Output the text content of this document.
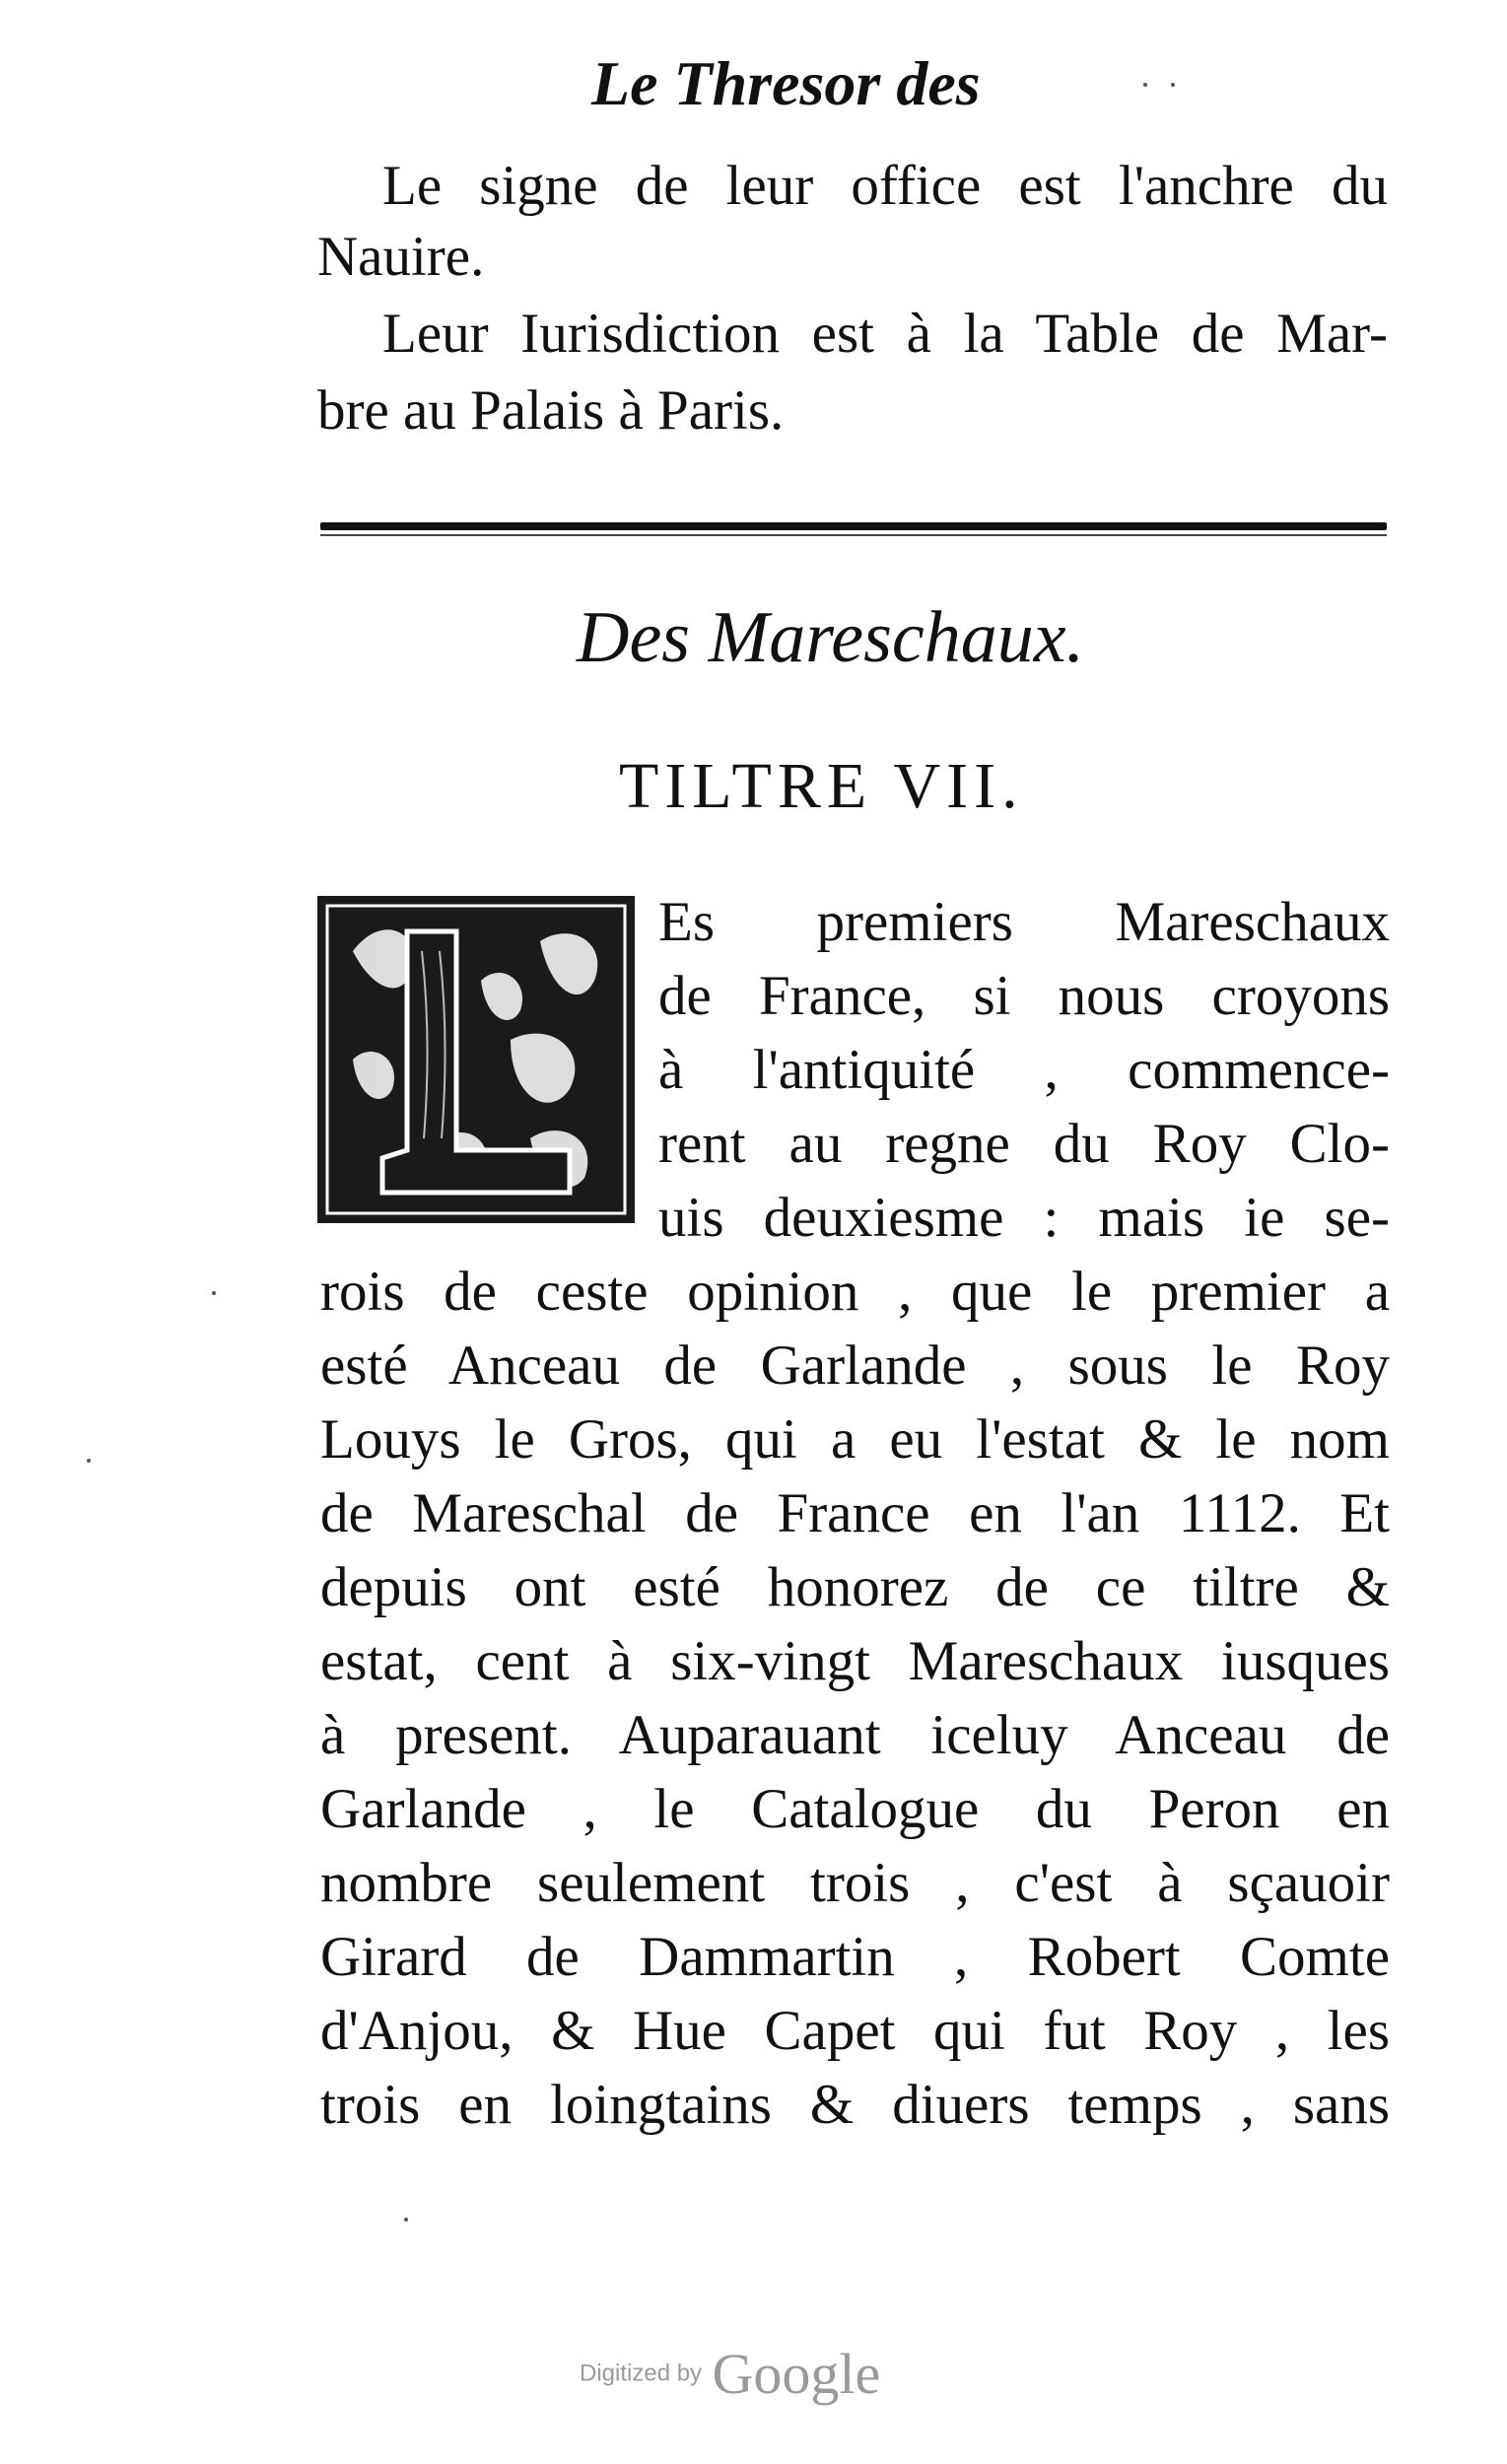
Le Thresor des
Le signe de leur office est l'anchre du
Nauire.
Leur Iurisdiction est à la Table de Mar-
bre au Palais à Paris.
Des Mareschaux.
TILTRE VII.
Es premiers Mareschaux
de France, si nous croyons
à l'antiquité , commence-
rent au regne du Roy Clo-
uis deuxiesme : mais ie se-
rois de ceste opinion , que le premier a
esté Anceau de Garlande , sous le Roy
Louys le Gros, qui a eu l'estat & le nom
de Mareschal de France en l'an 1112. Et
depuis ont esté honorez de ce tiltre &
estat, cent à six-vingt Mareschaux iusques
à present. Auparauant iceluy Anceau de
Garlande , le Catalogue du Peron en
nombre seulement trois , c'est à sçauoir
Girard de Dammartin , Robert Comte
d'Anjou, & Hue Capet qui fut Roy , les
trois en loingtains & diuers temps , sans
Digitized by Google
